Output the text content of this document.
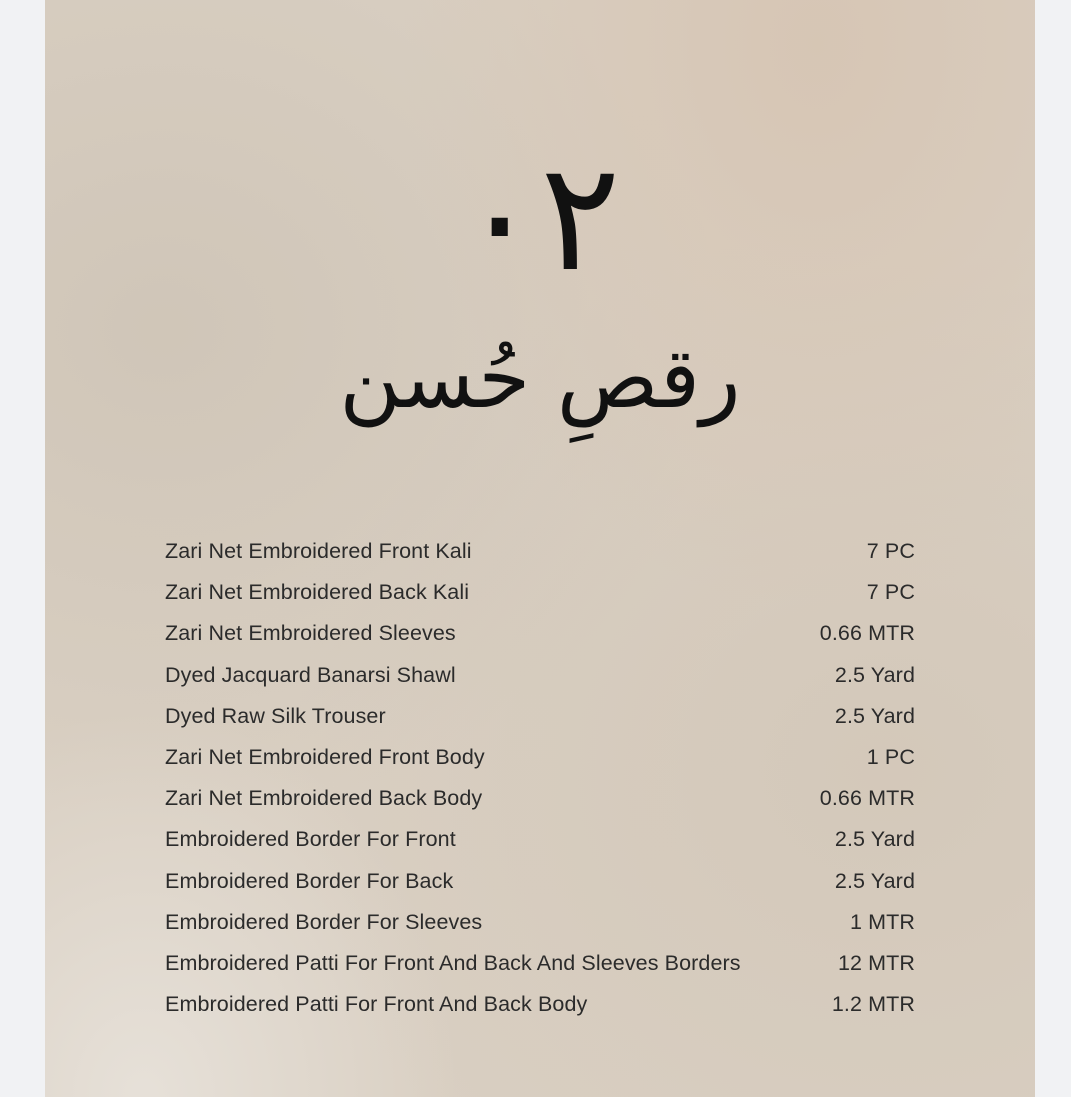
۰۲
رقصِ حُسن
Zari Net Embroidered Front Kali	7 PC
Zari Net Embroidered Back Kali	7 PC
Zari Net Embroidered Sleeves	0.66 MTR
Dyed Jacquard Banarsi Shawl	2.5 Yard
Dyed Raw Silk Trouser	2.5 Yard
Zari Net Embroidered Front Body	1 PC
Zari Net Embroidered Back Body	0.66 MTR
Embroidered Border For Front	2.5 Yard
Embroidered Border For Back	2.5 Yard
Embroidered Border For Sleeves	1 MTR
Embroidered Patti For Front And Back And Sleeves Borders	12 MTR
Embroidered Patti For Front And Back Body	1.2 MTR
